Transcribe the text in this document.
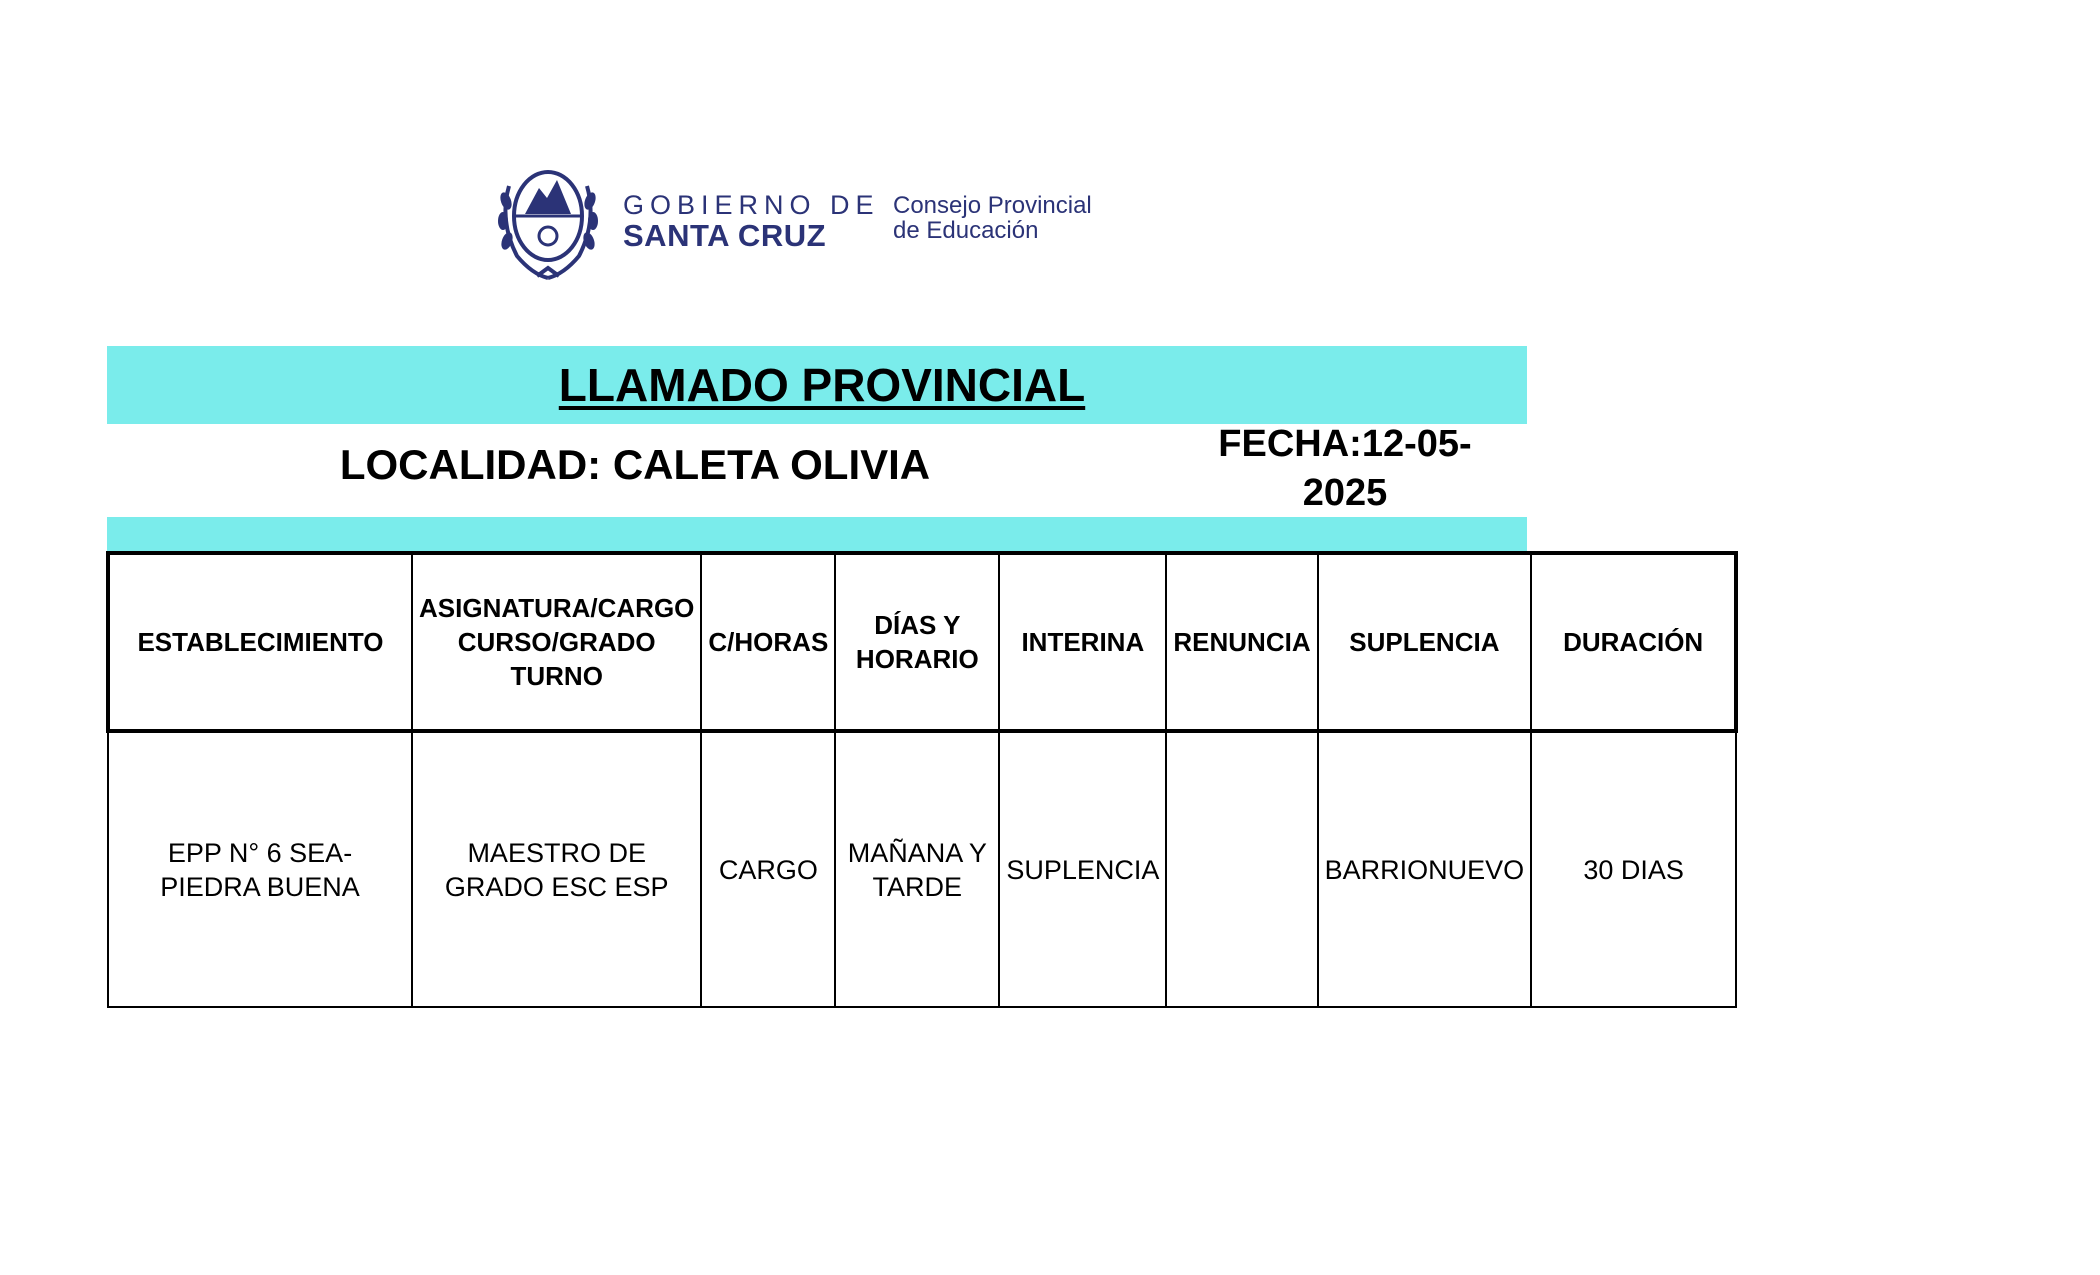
GOBIERNO DE
SANTA CRUZ
Consejo Provincial
de Educación
LLAMADO PROVINCIAL
LOCALIDAD: CALETA OLIVIA	FECHA:12-05-2025
ESTABLECIMIENTO	ASIGNATURA/CARGO CURSO/GRADO TURNO	C/HORAS	DÍAS Y HORARIO	INTERINA	RENUNCIA	SUPLENCIA	DURACIÓN
EPP N° 6 SEA- PIEDRA BUENA	MAESTRO DE GRADO ESC ESP	CARGO	MAÑANA Y TARDE	SUPLENCIA		BARRIONUEVO	30 DIAS
